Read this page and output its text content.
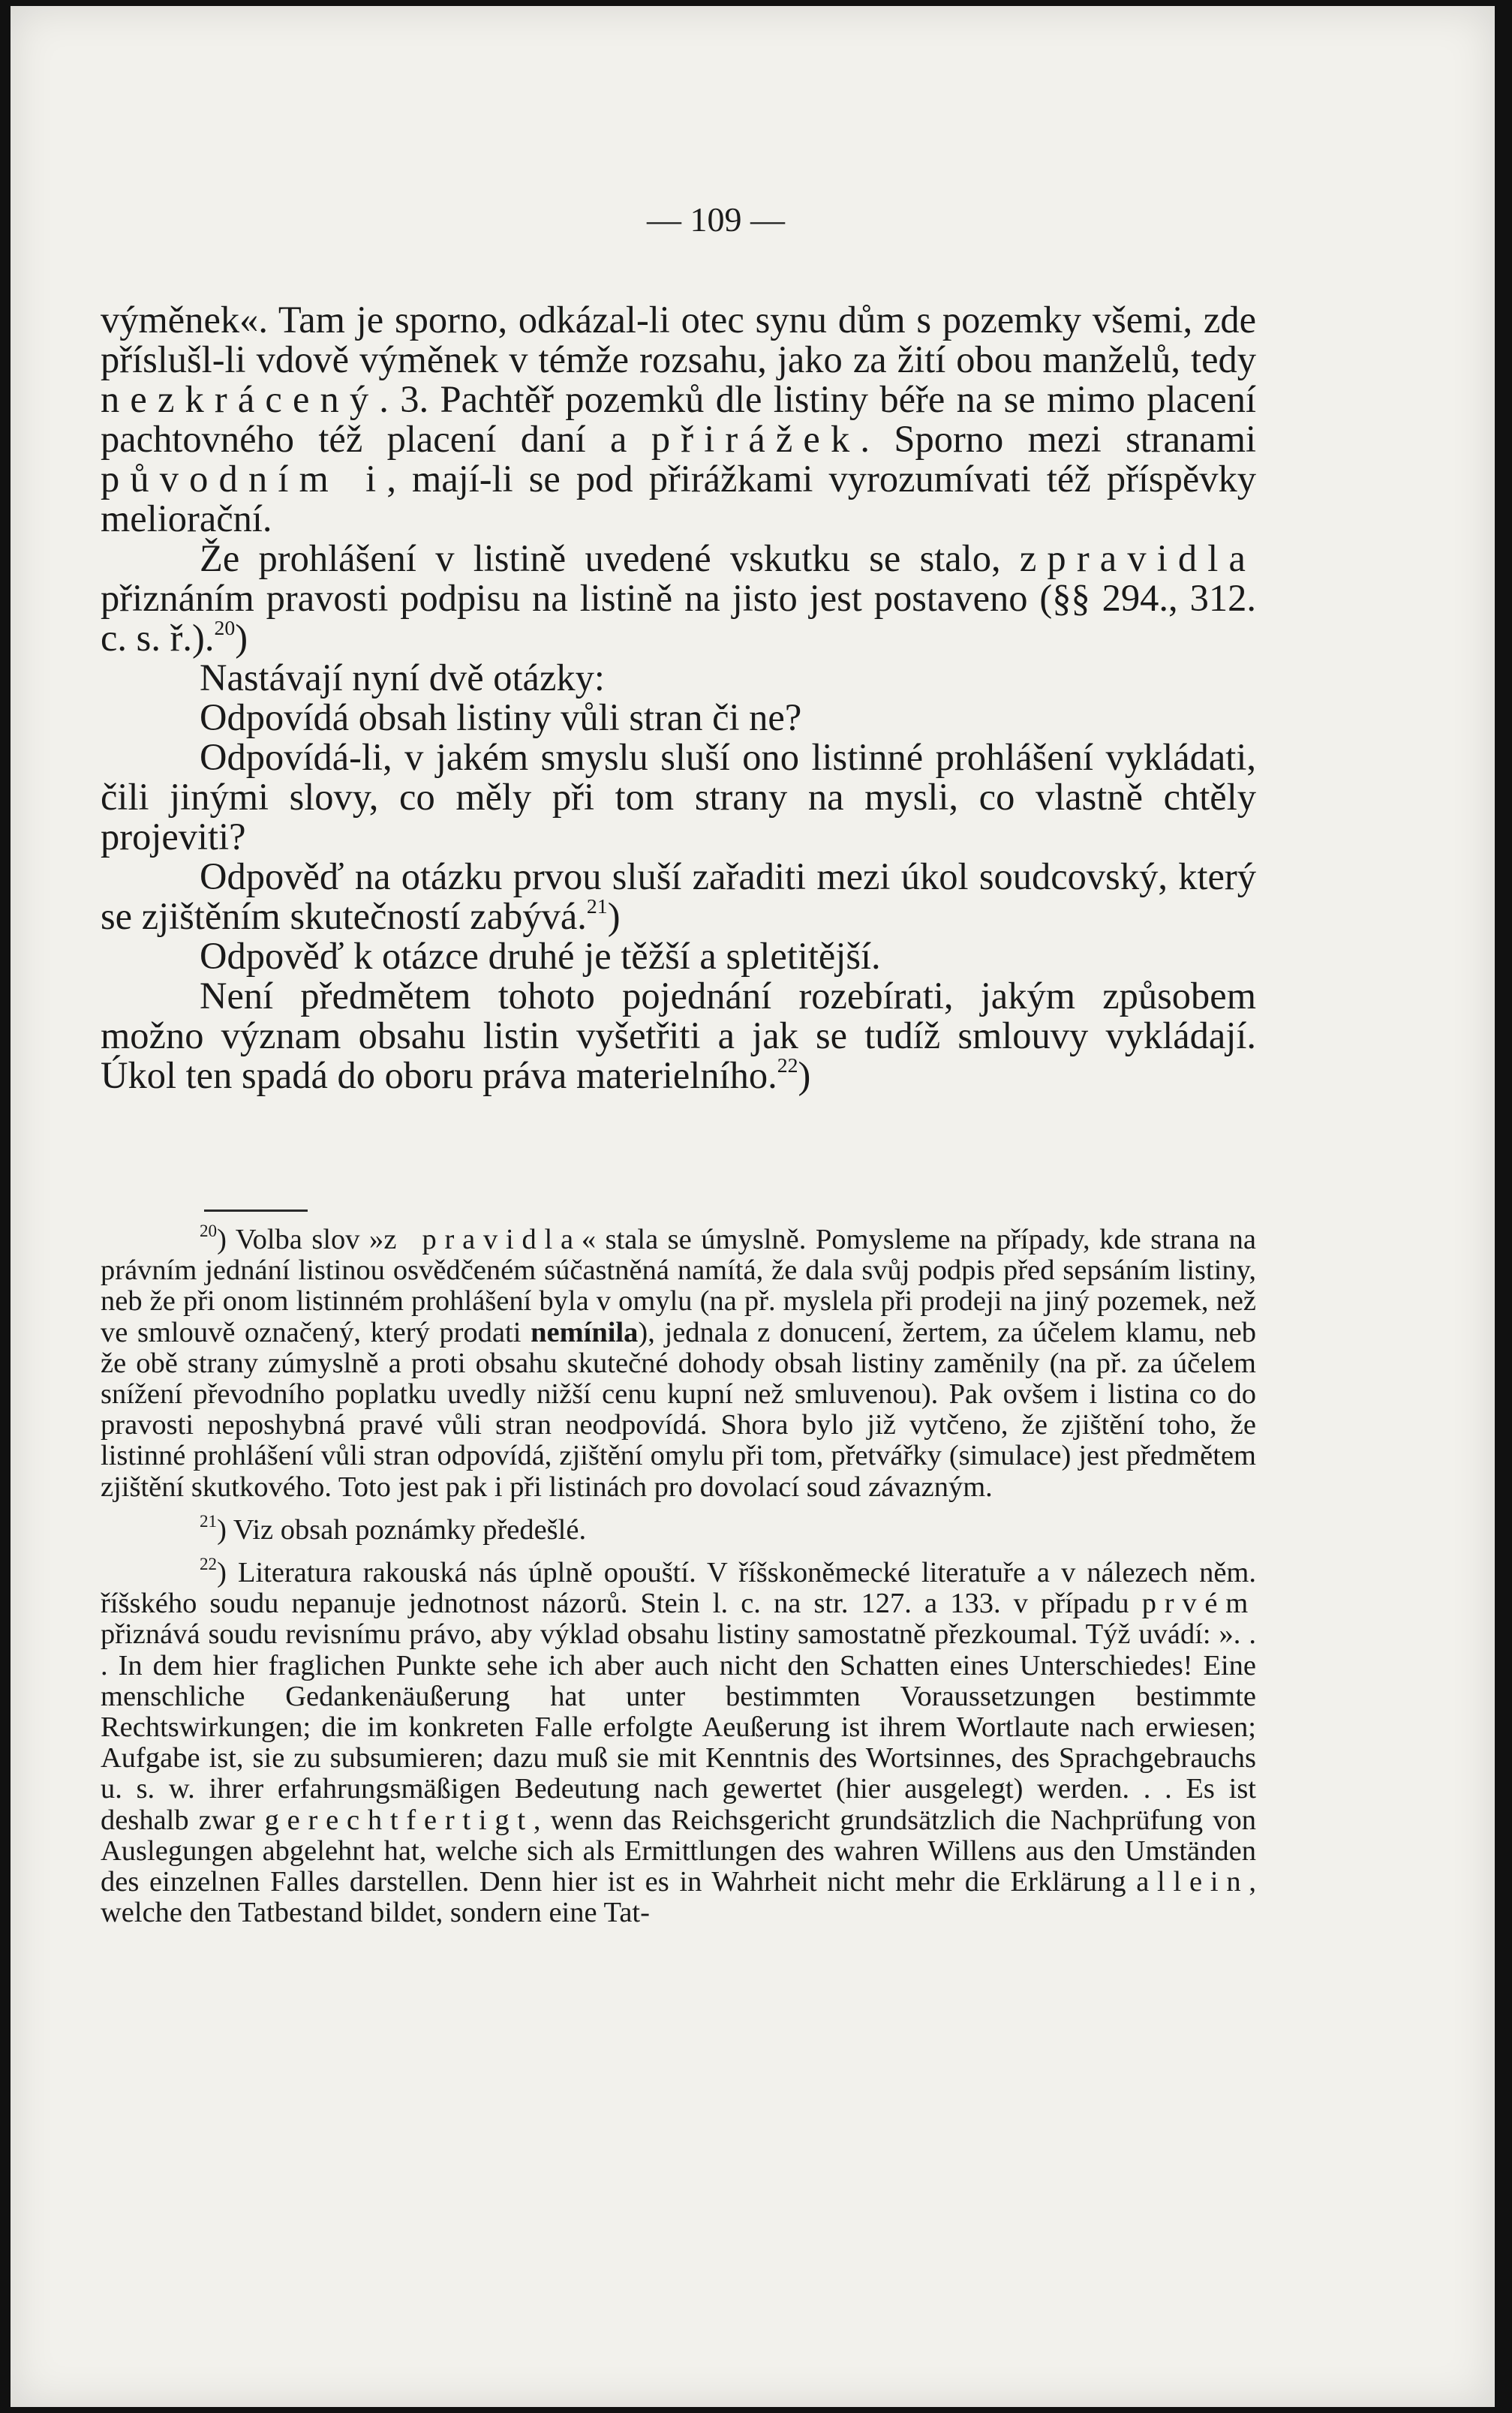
— 109 —

výměnek«. Tam je sporno, odkázal-li otec synu dům s pozemky všemi, zde příslušl-li vdově výměnek v témže rozsahu, jako za žití obou manželů, tedy nezkrácený. 3. Pachtěř pozemků dle listiny béře na se mimo placení pachtovného též placení daní a přirážek. Sporno mezi stranami původním i, mají-li se pod přirážkami vyrozumívati též příspěvky meliorační.

Že prohlášení v listině uvedené vskutku se stalo, zpravidla přiznáním pravosti podpisu na listině na jisto jest postaveno (§§ 294., 312. c. s. ř.).$^{20}$)

Nastávají nyní dvě otázky:

Odpovídá obsah listiny vůli stran či ne?

Odpovídá-li, v jakém smyslu sluší ono listinné prohlášení vykládati, čili jinými slovy, co měly při tom strany na mysli, co vlastně chtěly projeviti?

Odpověď na otázku prvou sluší zařaditi mezi úkol soudcovský, který se zjištěním skutečností zabývá.$^{21}$)

Odpověď k otázce druhé je těžší a spletitější.

Není předmětem tohoto pojednání rozebírati, jakým způsobem možno význam obsahu listin vyšetřiti a jak se tudíž smlouvy vykládají. Úkol ten spadá do oboru práva materielního.$^{22}$)

$^{20}$) Volba slov »z pravidla« stala se úmyslně. Pomysleme na případy, kde strana na právním jednání listinou osvědčeném súčastněná namítá, že dala svůj podpis před sepsáním listiny, neb že při onom listinném prohlášení byla v omylu (na př. myslela při prodeji na jiný pozemek, než ve smlouvě označený, který prodati nemínila), jednala z donucení, žertem, za účelem klamu, neb že obě strany zúmyslně a proti obsahu skutečné dohody obsah listiny zaměnily (na př. za účelem snížení převodního poplatku uvedly nižší cenu kupní než smluvenou). Pak ovšem i listina co do pravosti neposhybná pravé vůli stran neodpovídá. Shora bylo již vytčeno, že zjištění toho, že listinné prohlášení vůli stran odpovídá, zjištění omylu při tom, přetvářky (simulace) jest předmětem zjištění skutkového. Toto jest pak i při listinách pro dovolací soud závazným.

$^{21}$) Viz obsah poznámky předešlé.

$^{22}$) Literatura rakouská nás úplně opouští. V říšskoněmecké literatuře a v nálezech něm. říšského soudu nepanuje jednotnost názorů. Stein l. c. na str. 127. a 133. v případu prvém přiznává soudu revisnímu právo, aby výklad obsahu listiny samostatně přezkoumal. Týž uvádí: ». . . In dem hier fraglichen Punkte sehe ich aber auch nicht den Schatten eines Unterschiedes! Eine menschliche Gedankenäußerung hat unter bestimmten Voraussetzungen bestimmte Rechtswirkungen; die im konkreten Falle erfolgte Aeußerung ist ihrem Wortlaute nach erwiesen; Aufgabe ist, sie zu subsumieren; dazu muß sie mit Kenntnis des Wortsinnes, des Sprachgebrauchs u. s. w. ihrer erfahrungsmäßigen Bedeutung nach gewertet (hier ausgelegt) werden. . . Es ist deshalb zwar gerechtfertigt, wenn das Reichsgericht grundsätzlich die Nachprüfung von Auslegungen abgelehnt hat, welche sich als Ermittlungen des wahren Willens aus den Umständen des einzelnen Falles darstellen. Denn hier ist es in Wahrheit nicht mehr die Erklärung allein, welche den Tatbestand bildet, sondern eine Tat-
